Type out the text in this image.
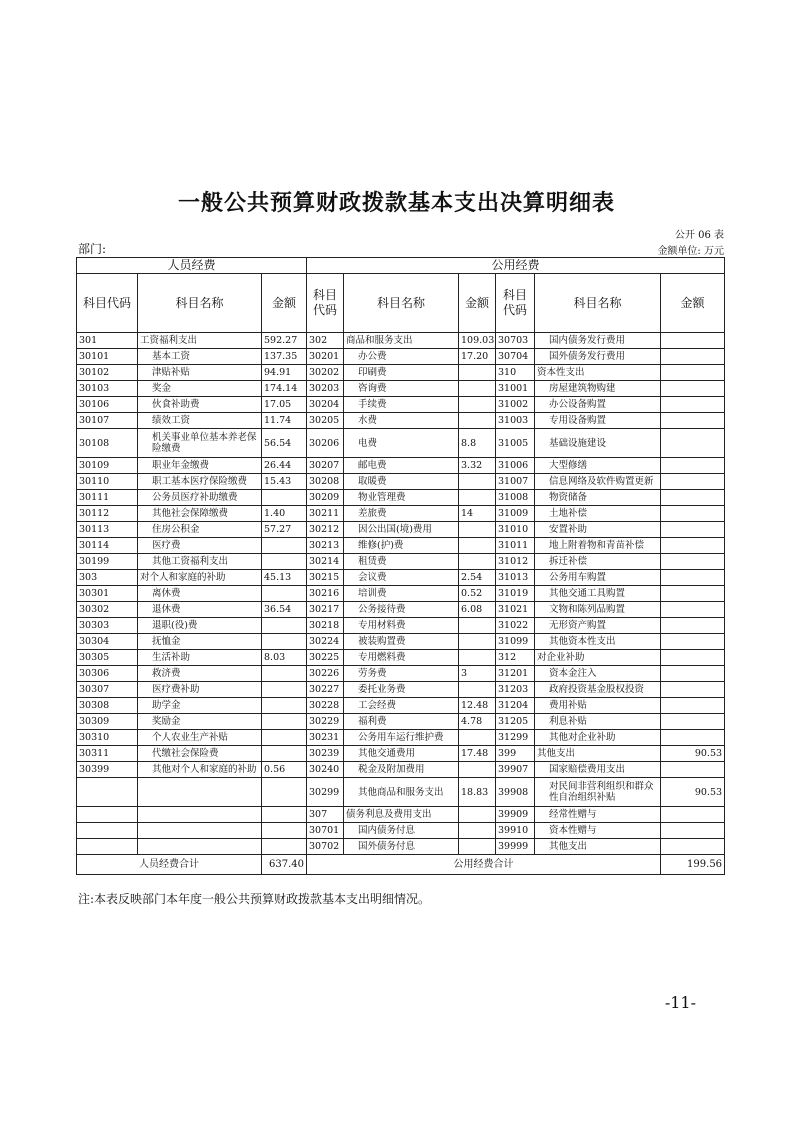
一般公共预算财政拨款基本支出决算明细表
公开 06 表
部门:	金额单位: 万元
人员经费			公用经费					
科目代码	科目名称	金额	科目代码	科目名称	金额	科目代码	科目名称	金额
301	工资福利支出	592.27	302	商品和服务支出	109.03	30703	国内债务发行费用	
30101	基本工资	137.35	30201	办公费	17.20	30704	国外债务发行费用	
30102	津贴补贴	94.91	30202	印刷费		310	资本性支出	
30103	奖金	174.14	30203	咨询费		31001	房屋建筑物购建	
30106	伙食补助费	17.05	30204	手续费		31002	办公设备购置	
30107	绩效工资	11.74	30205	水费		31003	专用设备购置	
30108	机关事业单位基本养老保险缴费	56.54	30206	电费	8.8	31005	基础设施建设	
30109	职业年金缴费	26.44	30207	邮电费	3.32	31006	大型修缮	
30110	职工基本医疗保险缴费	15.43	30208	取暖费		31007	信息网络及软件购置更新	
30111	公务员医疗补助缴费		30209	物业管理费		31008	物资储备	
30112	其他社会保障缴费	1.40	30211	差旅费	14	31009	土地补偿	
30113	住房公积金	57.27	30212	因公出国(境)费用		31010	安置补助	
30114	医疗费		30213	维修(护)费		31011	地上附着物和青苗补偿	
30199	其他工资福利支出		30214	租赁费		31012	拆迁补偿	
303	对个人和家庭的补助	45.13	30215	会议费	2.54	31013	公务用车购置	
30301	离休费		30216	培训费	0.52	31019	其他交通工具购置	
30302	退休费	36.54	30217	公务接待费	6.08	31021	文物和陈列品购置	
30303	退职(役)费		30218	专用材料费		31022	无形资产购置	
30304	抚恤金		30224	被装购置费		31099	其他资本性支出	
30305	生活补助	8.03	30225	专用燃料费		312	对企业补助	
30306	救济费		30226	劳务费	3	31201	资本金注入	
30307	医疗费补助		30227	委托业务费		31203	政府投资基金股权投资	
30308	助学金		30228	工会经费	12.48	31204	费用补贴	
30309	奖励金		30229	福利费	4.78	31205	利息补贴	
30310	个人农业生产补贴		30231	公务用车运行维护费		31299	其他对企业补助	
30311	代缴社会保险费		30239	其他交通费用	17.48	399	其他支出	90.53
30399	其他对个人和家庭的补助	0.56	30240	税金及附加费用		39907	国家赔偿费用支出	
			30299	其他商品和服务支出	18.83	39908	对民间非营利组织和群众性自治组织补贴	90.53
			307	债务利息及费用支出		39909	经常性赠与	
			30701	国内债务付息		39910	资本性赠与	
			30702	国外债务付息		39999	其他支出	
人员经费合计		637.40	公用经费合计					199.56
注:本表反映部门本年度一般公共预算财政拨款基本支出明细情况。
-11-
